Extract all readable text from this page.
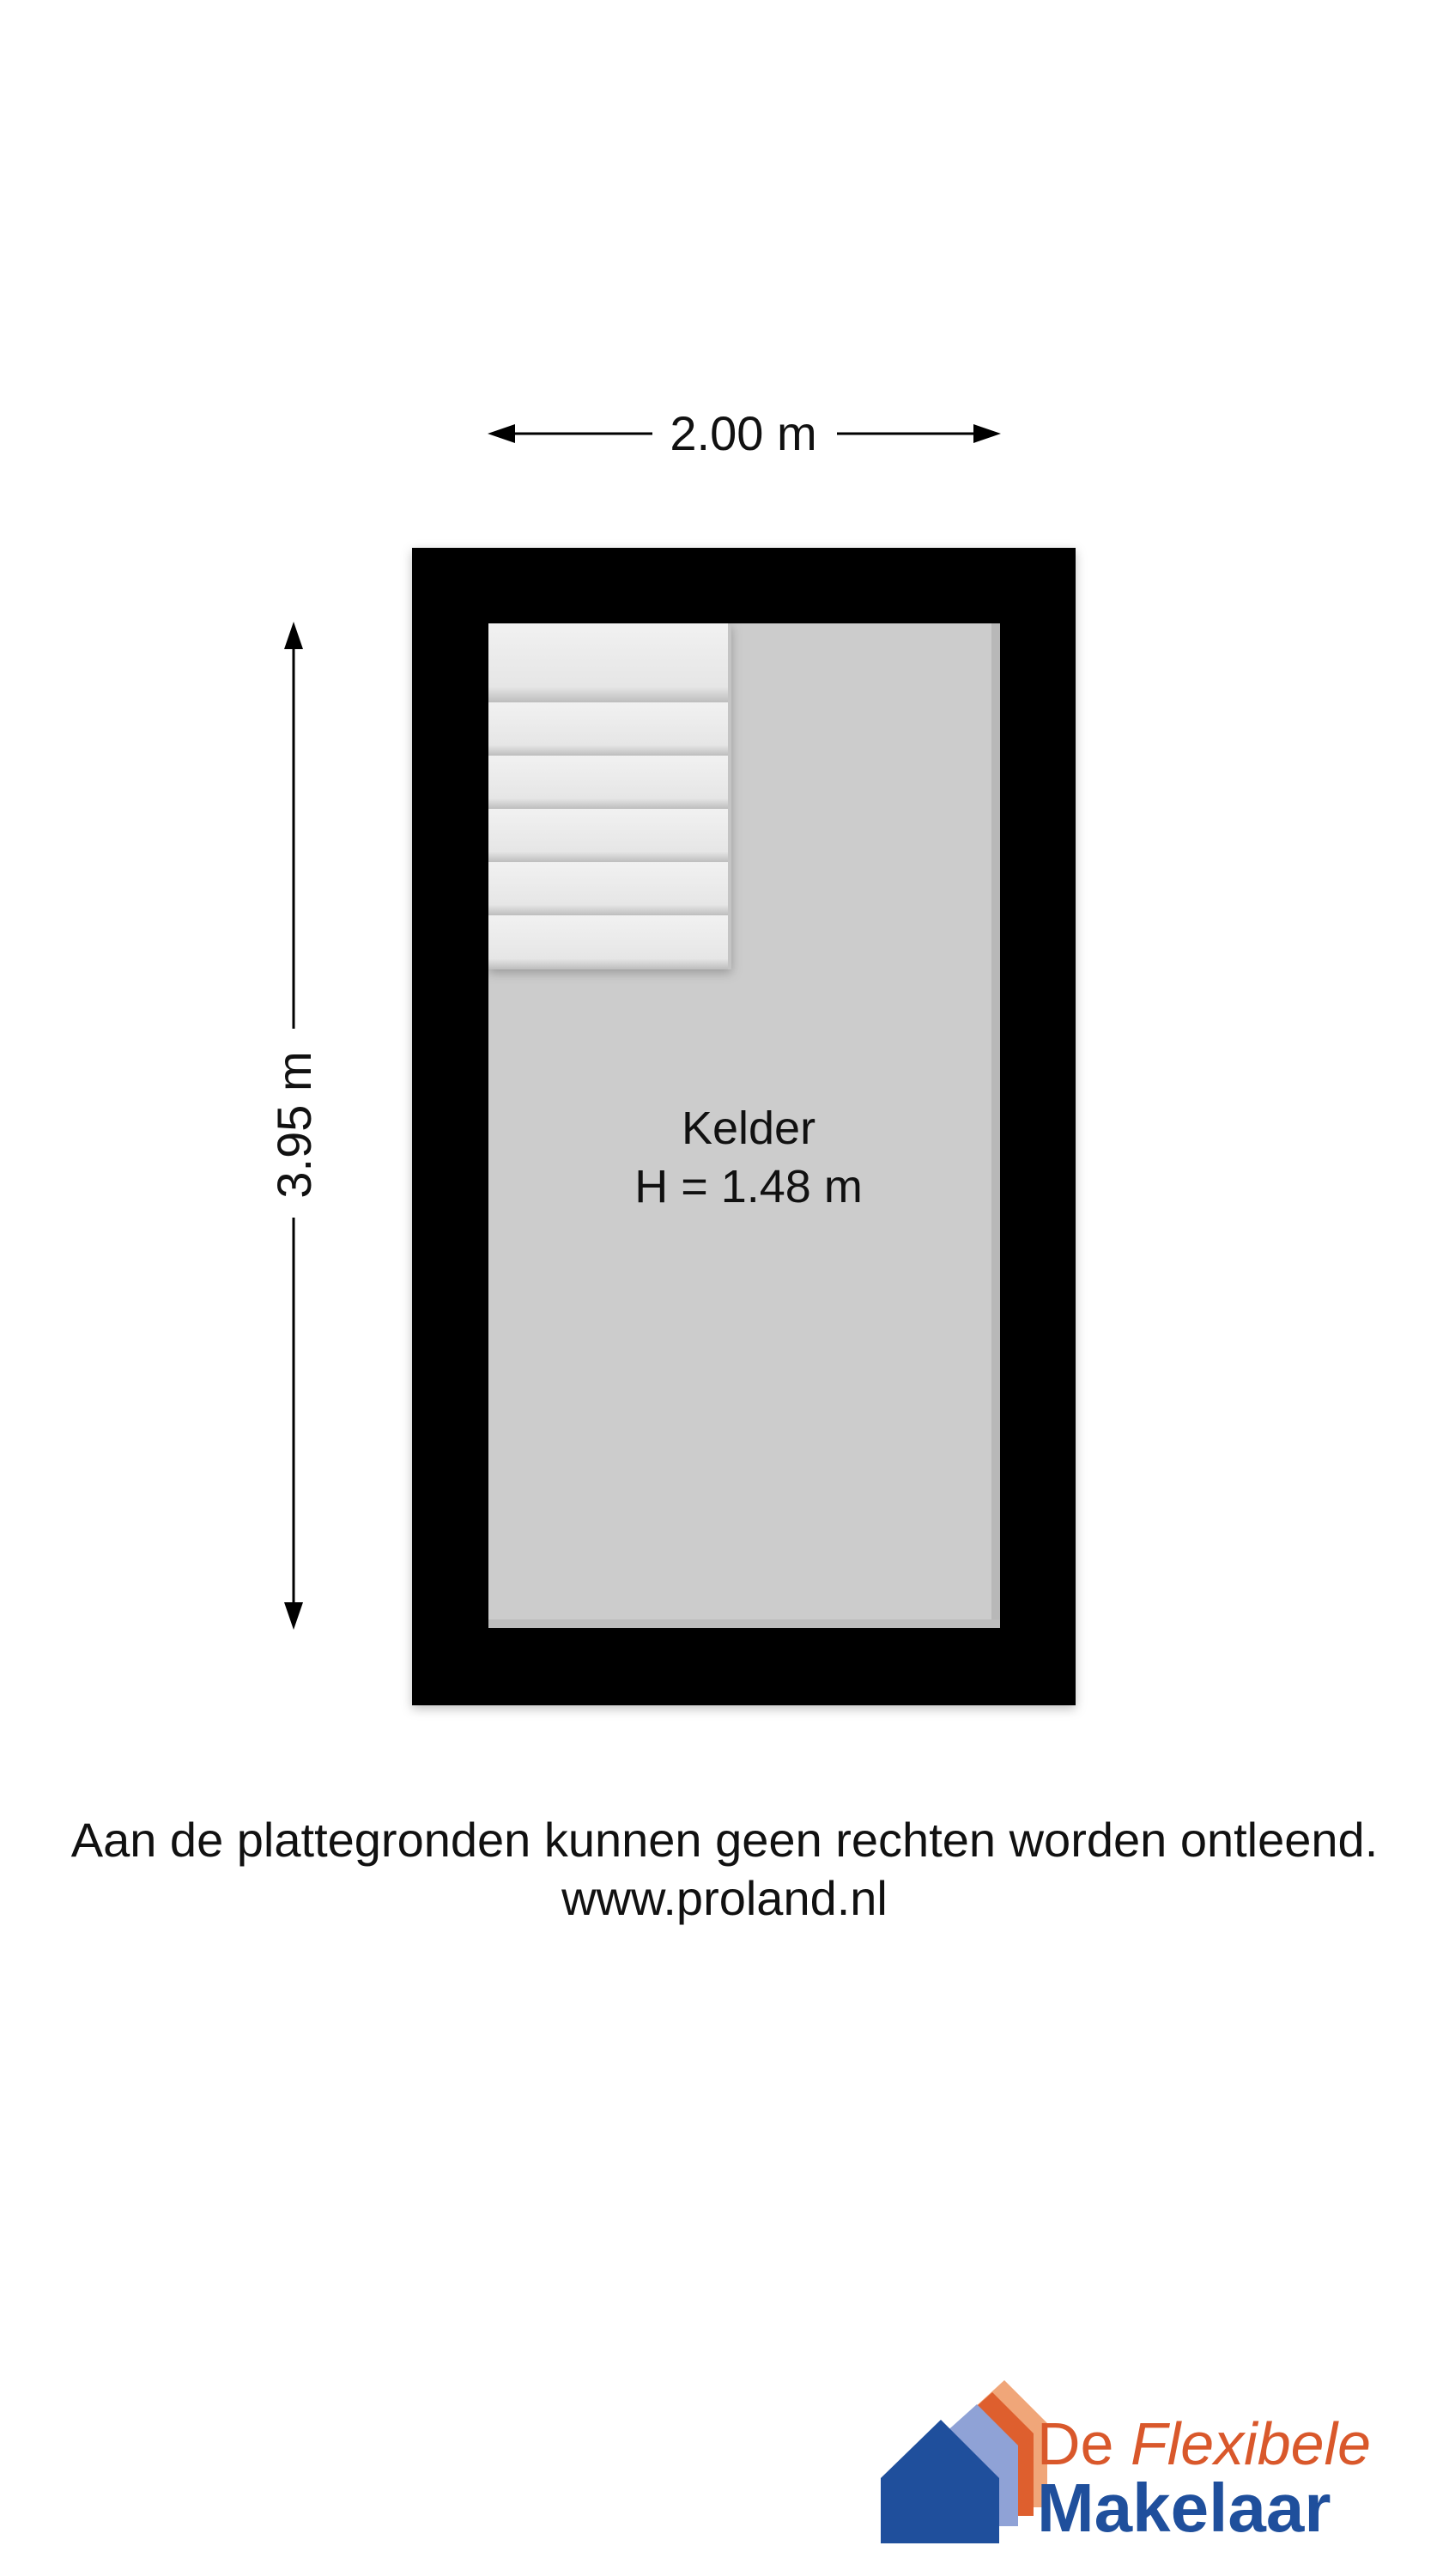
2.00 m
3.95 m	Kelder
H = 1.48 m
Aan de plattegronden kunnen geen rechten worden ontleend.
www.proland.nl
De Flexibele
Makelaar
